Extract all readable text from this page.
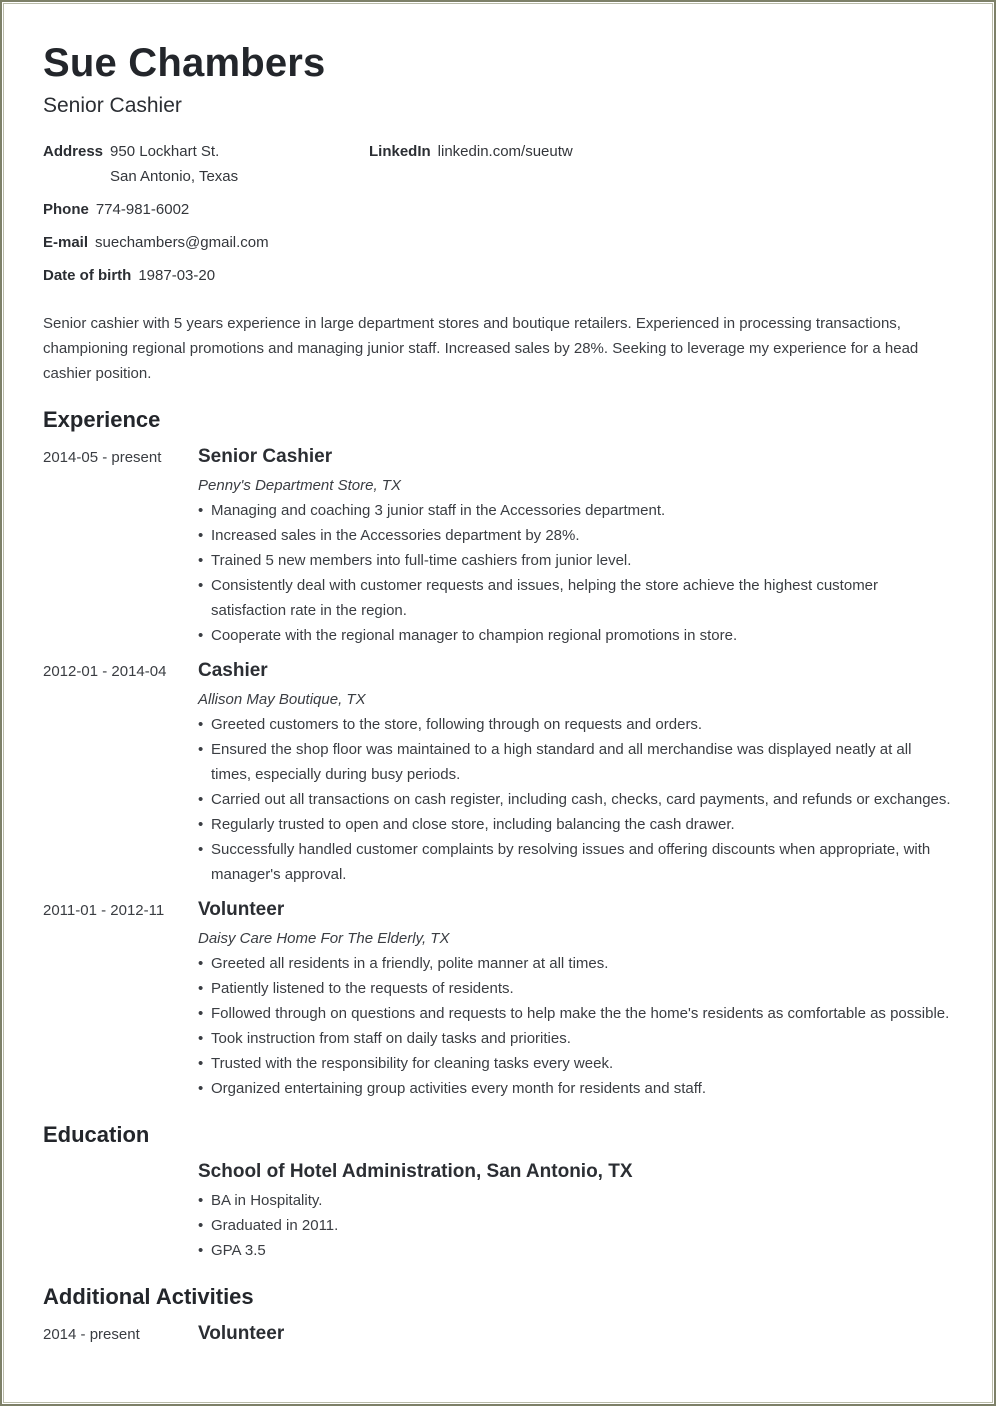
Sue Chambers
Senior Cashier
Address 950 Lockhart St.
San Antonio, Texas
LinkedIn linkedin.com/sueutw
Phone 774-981-6002
E-mail suechambers@gmail.com
Date of birth 1987-03-20
Senior cashier with 5 years experience in large department stores and boutique retailers. Experienced in processing transactions, championing regional promotions and managing junior staff. Increased sales by 28%. Seeking to leverage my experience for a head cashier position.
Experience
2014-05 - present Senior Cashier
Penny's Department Store, TX
• Managing and coaching 3 junior staff in the Accessories department.
• Increased sales in the Accessories department by 28%.
• Trained 5 new members into full-time cashiers from junior level.
• Consistently deal with customer requests and issues, helping the store achieve the highest customer satisfaction rate in the region.
• Cooperate with the regional manager to champion regional promotions in store.
2012-01 - 2014-04 Cashier
Allison May Boutique, TX
• Greeted customers to the store, following through on requests and orders.
• Ensured the shop floor was maintained to a high standard and all merchandise was displayed neatly at all times, especially during busy periods.
• Carried out all transactions on cash register, including cash, checks, card payments, and refunds or exchanges.
• Regularly trusted to open and close store, including balancing the cash drawer.
• Successfully handled customer complaints by resolving issues and offering discounts when appropriate, with manager's approval.
2011-01 - 2012-11 Volunteer
Daisy Care Home For The Elderly, TX
• Greeted all residents in a friendly, polite manner at all times.
• Patiently listened to the requests of residents.
• Followed through on questions and requests to help make the the home's residents as comfortable as possible.
• Took instruction from staff on daily tasks and priorities.
• Trusted with the responsibility for cleaning tasks every week.
• Organized entertaining group activities every month for residents and staff.
Education
School of Hotel Administration, San Antonio, TX
• BA in Hospitality.
• Graduated in 2011.
• GPA 3.5
Additional Activities
2014 - present	Volunteer
